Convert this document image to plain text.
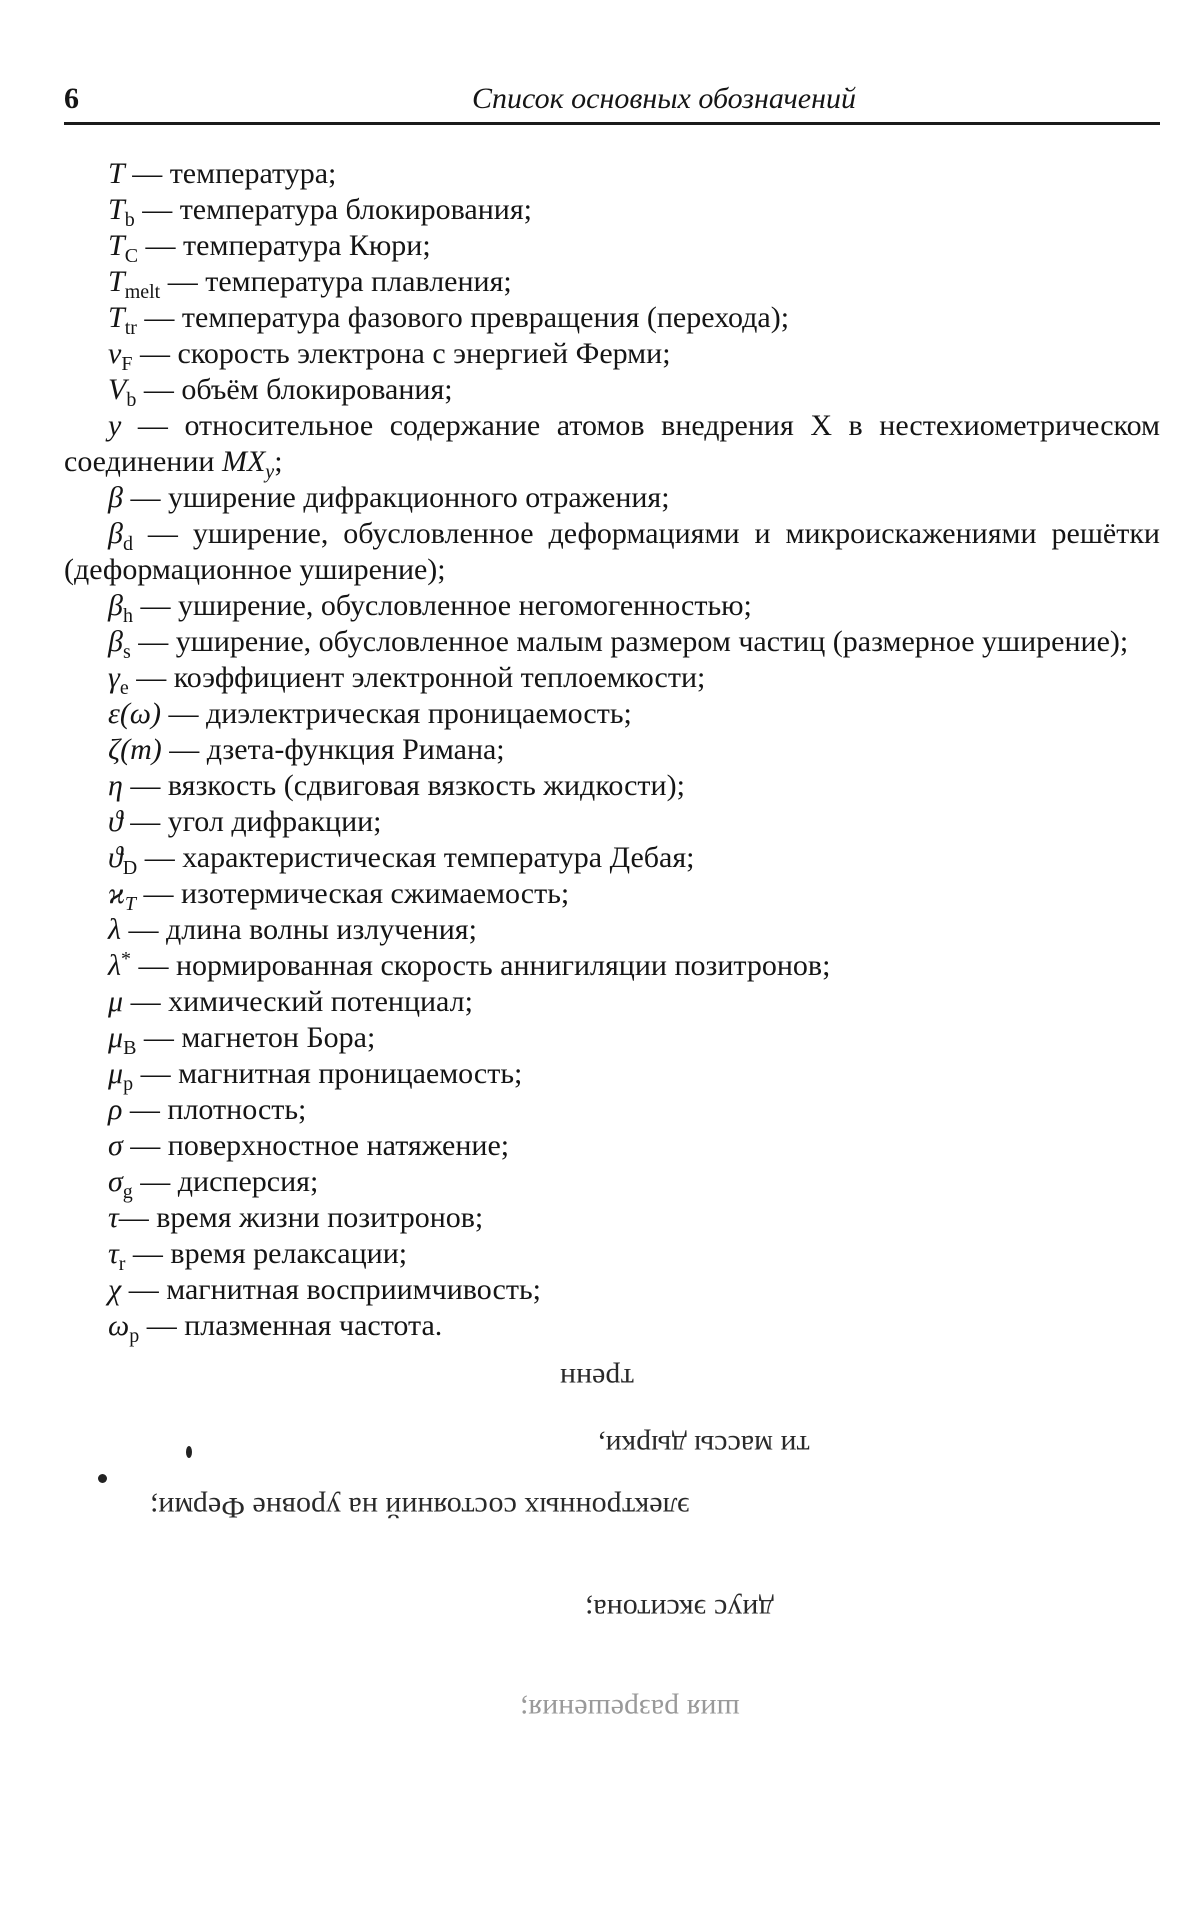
6	Список основных обозначений

T — температура;

$T_b$ — температура блокирования;

$T_C$ — температура Кюри;

$T_{melt}$ — температура плавления;

$T_{tr}$ — температура фазового превращения (перехода);

$v_F$ — скорость электрона с энергией Ферми;

$V_b$ — объём блокирования;

y — относительное содержание атомов внедрения X в нестехиометрическом соединении $MX_y$;

β — уширение дифракционного отражения;

$\beta_d$ — уширение, обусловленное деформациями и микроискажениями решётки (деформационное уширение);

$\beta_h$ — уширение, обусловленное негомогенностью;

$\beta_s$ — уширение, обусловленное малым размером частиц (размерное уширение);

$\gamma_e$ — коэффициент электронной теплоемкости;

ε(ω) — диэлектрическая проницаемость;

ζ(m) — дзета-функция Римана;

η — вязкость (сдвиговая вязкость жидкости);

ϑ — угол дифракции;

$ϑ_D$ — характеристическая температура Дебая;

$ϰ_T$ — изотермическая сжимаемость;

λ — длина волны излучения;

λ* — нормированная скорость аннигиляции позитронов;

μ — химический потенциал;

$\mu_B$ — магнетон Бора;

$\mu_p$ — магнитная проницаемость;

ρ — плотность;

σ — поверхностное натяжение;

$\sigma_g$ — дисперсия;

τ— время жизни позитронов;

$\tau_r$ — время релаксации;

χ — магнитная восприимчивость;

$\omega_p$ — плазменная частота.

ти массы дырки,
электронных состояний на уровне Ферми;
диус экситона;
шия разрешения;
тренн
